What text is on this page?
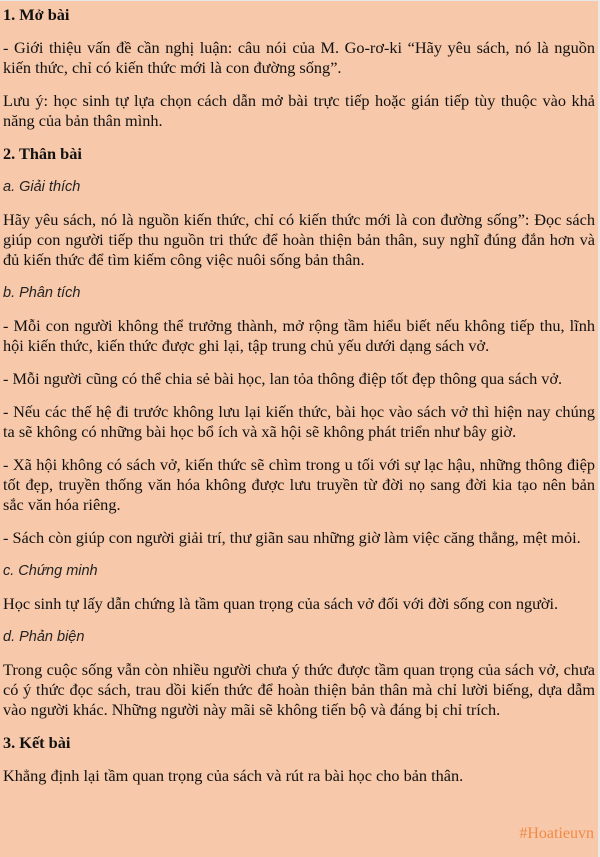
1. Mở bài

- Giới thiệu vấn đề cần nghị luận: câu nói của M. Go-rơ-ki “Hãy yêu sách, nó là nguồn kiến thức, chỉ có kiến thức mới là con đường sống”.

Lưu ý: học sinh tự lựa chọn cách dẫn mở bài trực tiếp hoặc gián tiếp tùy thuộc vào khả năng của bản thân mình.

2. Thân bài

a. Giải thích

Hãy yêu sách, nó là nguồn kiến thức, chỉ có kiến thức mới là con đường sống”: Đọc sách giúp con người tiếp thu nguồn tri thức để hoàn thiện bản thân, suy nghĩ đúng đắn hơn và đủ kiến thức để tìm kiếm công việc nuôi sống bản thân.

b. Phân tích

- Mỗi con người không thể trưởng thành, mở rộng tầm hiểu biết nếu không tiếp thu, lĩnh hội kiến thức, kiến thức được ghi lại, tập trung chủ yếu dưới dạng sách vở.

- Mỗi người cũng có thể chia sẻ bài học, lan tỏa thông điệp tốt đẹp thông qua sách vở.

- Nếu các thế hệ đi trước không lưu lại kiến thức, bài học vào sách vở thì hiện nay chúng ta sẽ không có những bài học bổ ích và xã hội sẽ không phát triển như bây giờ.

- Xã hội không có sách vở, kiến thức sẽ chìm trong u tối với sự lạc hậu, những thông điệp tốt đẹp, truyền thống văn hóa không được lưu truyền từ đời nọ sang đời kia tạo nên bản sắc văn hóa riêng.

- Sách còn giúp con người giải trí, thư giãn sau những giờ làm việc căng thẳng, mệt mỏi.

c. Chứng minh

Học sinh tự lấy dẫn chứng là tầm quan trọng của sách vở đối với đời sống con người.

d. Phản biện

Trong cuộc sống vẫn còn nhiều người chưa ý thức được tầm quan trọng của sách vở, chưa có ý thức đọc sách, trau dồi kiến thức để hoàn thiện bản thân mà chỉ lười biếng, dựa dẫm vào người khác. Những người này mãi sẽ không tiến bộ và đáng bị chỉ trích.

3. Kết bài

Khẳng định lại tầm quan trọng của sách và rút ra bài học cho bản thân.

#Hoatieuvn
